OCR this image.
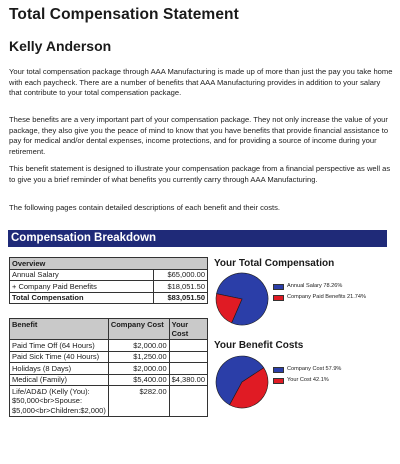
Total Compensation Statement
Kelly Anderson

Your total compensation package through AAA Manufacturing is made up of more than just the pay you take home with each paycheck. There are a number of benefits that AAA Manufacturing provides in addition to your salary that contribute to your total compensation package.

These benefits are a very important part of your compensation package. They not only increase the value of your package, they also give you the peace of mind to know that you have benefits that provide financial assistance to pay for medical and/or dental expenses, income protections, and for providing a source of income during your retirement.

This benefit statement is designed to illustrate your compensation package from a financial perspective as well as to give you a brief reminder of what benefits you currently carry through AAA Manufacturing.

The following pages contain detailed descriptions of each benefit and their costs.

Compensation Breakdown
Overview	
Annual Salary	$65,000.00
+ Company Paid Benefits	$18,051.50
Total Compensation	$83,051.50
Benefit	Company Cost	Your Cost
Paid Time Off (64 Hours)	$2,000.00	
Paid Sick Time (40 Hours)	$1,250.00	
Holidays (8 Days)	$2,000.00	
Medical (Family)	$5,400.00	$4,380.00
Life/AD&D (Kelly (You): $50,000<br>Spouse: $5,000<br>Children:$2,000)	$282.00	
Your Total Compensation
Annual Salary 78.26%
Company Paid Benefits 21.74%
Your Benefit Costs
Company Cost 57.9%
Your Cost 42.1%
